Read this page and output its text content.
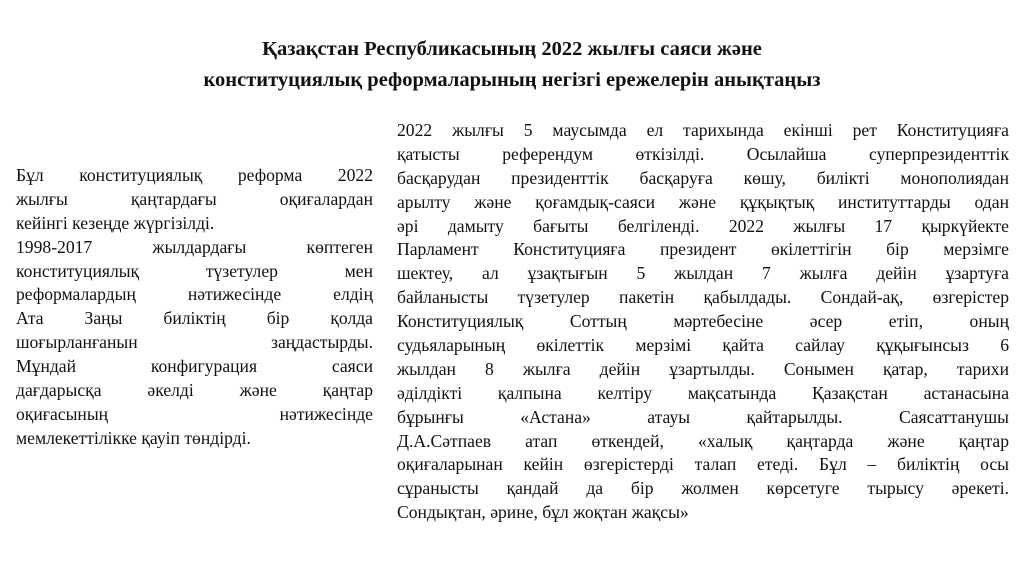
Қазақстан Республикасының 2022 жылғы саяси және
конституциялық реформаларының негізгі ережелерін анықтаңыз
Бұл конституциялық реформа 2022
жылғы қаңтардағы оқиғалардан
кейінгі кезеңде жүргізілді.
1998-2017 жылдардағы көптеген
конституциялық түзетулер мен
реформалардың нәтижесінде елдің
Ата Заңы биліктің бір қолда
шоғырланғанын заңдастырды.
Мұндай конфигурация саяси
дағдарысқа әкелді және қаңтар
оқиғасының нәтижесінде
мемлекеттілікке қауіп төндірді.
2022 жылғы 5 маусымда ел тарихында екінші рет Конституцияға
қатысты референдум өткізілді. Осылайша суперпрезиденттік
басқарудан президенттік басқаруға көшу, билікті монополиядан
арылту және қоғамдық-саяси және құқықтық институттарды одан
әрі дамыту бағыты белгіленді. 2022 жылғы 17 қыркүйекте
Парламент Конституцияға президент өкілеттігін бір мерзімге
шектеу, ал ұзақтығын 5 жылдан 7 жылға дейін ұзартуға
байланысты түзетулер пакетін қабылдады. Сондай-ақ, өзгерістер
Конституциялық Соттың мәртебесіне әсер етіп, оның
судьяларының өкілеттік мерзімі қайта сайлау құқығынсыз 6
жылдан 8 жылға дейін ұзартылды. Сонымен қатар, тарихи
әділдікті қалпына келтіру мақсатында Қазақстан астанасына
бұрынғы «Астана» атауы қайтарылды. Саясаттанушы
Д.А.Сәтпаев атап өткендей, «халық қаңтарда және қаңтар
оқиғаларынан кейін өзгерістерді талап етеді. Бұл – биліктің осы
сұранысты қандай да бір жолмен көрсетуге тырысу әрекеті.
Сондықтан, әрине, бұл жоқтан жақсы»
